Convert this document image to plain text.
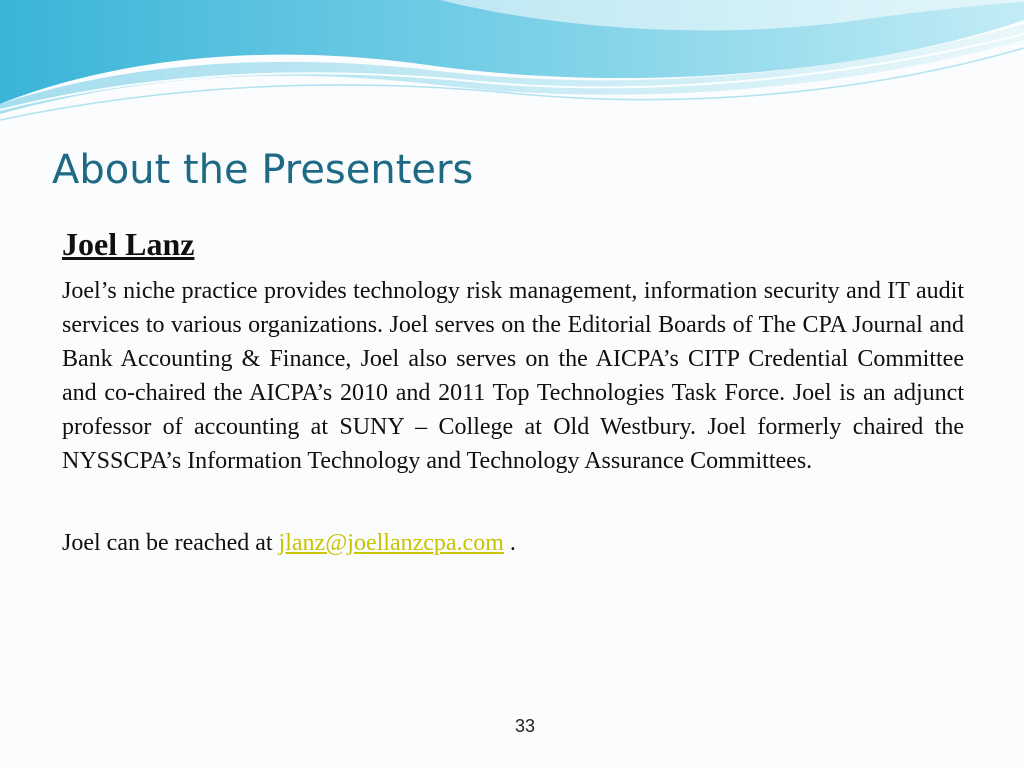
About the Presenters
Joel Lanz

Joel’s niche practice provides technology risk management, information security and IT audit services to various organizations. Joel serves on the Editorial Boards of The CPA Journal and Bank Accounting & Finance, Joel also serves on the AICPA’s CITP Credential Committee and co-chaired the AICPA’s 2010 and 2011 Top Technologies Task Force. Joel is an adjunct professor of accounting at SUNY – College at Old Westbury. Joel formerly chaired the NYSSCPA’s Information Technology and Technology Assurance Committees.

Joel can be reached at jlanz@joellanzcpa.com .

33
